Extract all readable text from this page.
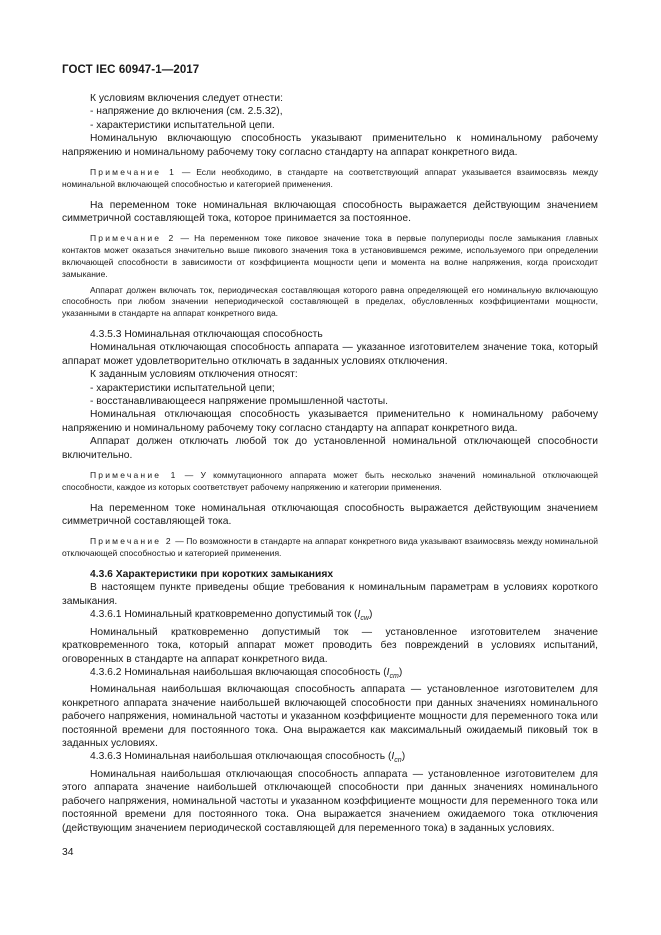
ГОСТ IEC 60947-1—2017

К условиям включения следует отнести:

- напряжение до включения (см. 2.5.32),

- характеристики испытательной цепи.

Номинальную включающую способность указывают применительно к номинальному рабочему напряжению и номинальному рабочему току согласно стандарту на аппарат конкретного вида.

Примечание 1 — Если необходимо, в стандарте на соответствующий аппарат указывается взаимосвязь между номинальной включающей способностью и категорией применения.

На переменном токе номинальная включающая способность выражается действующим значением симметричной составляющей тока, которое принимается за постоянное.

Примечание 2 — На переменном токе пиковое значение тока в первые полупериоды после замыкания главных контактов может оказаться значительно выше пикового значения тока в установившемся режиме, используемого при определении включающей способности в зависимости от коэффициента мощности цепи и момента на волне напряжения, когда происходит замыкание.

Аппарат должен включать ток, периодическая составляющая которого равна определяющей его номинальную включающую способность при любом значении непериодической составляющей в пределах, обусловленных коэффициентами мощности, указанными в стандарте на аппарат конкретного вида.

4.3.5.3 Номинальная отключающая способность

Номинальная отключающая способность аппарата — указанное изготовителем значение тока, который аппарат может удовлетворительно отключать в заданных условиях отключения.

К заданным условиям отключения относят:

- характеристики испытательной цепи;

- восстанавливающееся напряжение промышленной частоты.

Номинальная отключающая способность указывается применительно к номинальному рабочему напряжению и номинальному рабочему току согласно стандарту на аппарат конкретного вида.

Аппарат должен отключать любой ток до установленной номинальной отключающей способности включительно.

Примечание 1 — У коммутационного аппарата может быть несколько значений номинальной отключающей способности, каждое из которых соответствует рабочему напряжению и категории применения.

На переменном токе номинальная отключающая способность выражается действующим значением симметричной составляющей тока.

Примечание 2 — По возможности в стандарте на аппарат конкретного вида указывают взаимосвязь между номинальной отключающей способностью и категорией применения.

4.3.6 Характеристики при коротких замыканиях

В настоящем пункте приведены общие требования к номинальным параметрам в условиях короткого замыкания.

4.3.6.1 Номинальный кратковременно допустимый ток $(I_{cw})$

Номинальный кратковременно допустимый ток — установленное изготовителем значение кратковременного тока, который аппарат может проводить без повреждений в условиях испытаний, оговоренных в стандарте на аппарат конкретного вида.

4.3.6.2 Номинальная наибольшая включающая способность $(I_{cm})$

Номинальная наибольшая включающая способность аппарата — установленное изготовителем для конкретного аппарата значение наибольшей включающей способности при данных значениях номинального рабочего напряжения, номинальной частоты и указанном коэффициенте мощности для переменного тока или постоянной времени для постоянного тока. Она выражается как максимальный ожидаемый пиковый ток в заданных условиях.

4.3.6.3 Номинальная наибольшая отключающая способность $(I_{cn})$

Номинальная наибольшая отключающая способность аппарата — установленное изготовителем для этого аппарата значение наибольшей отключающей способности при данных значениях номинального рабочего напряжения, номинальной частоты и указанном коэффициенте мощности для переменного тока или постоянной времени для постоянного тока. Она выражается значением ожидаемого тока отключения (действующим значением периодической составляющей для переменного тока) в заданных условиях.

34
